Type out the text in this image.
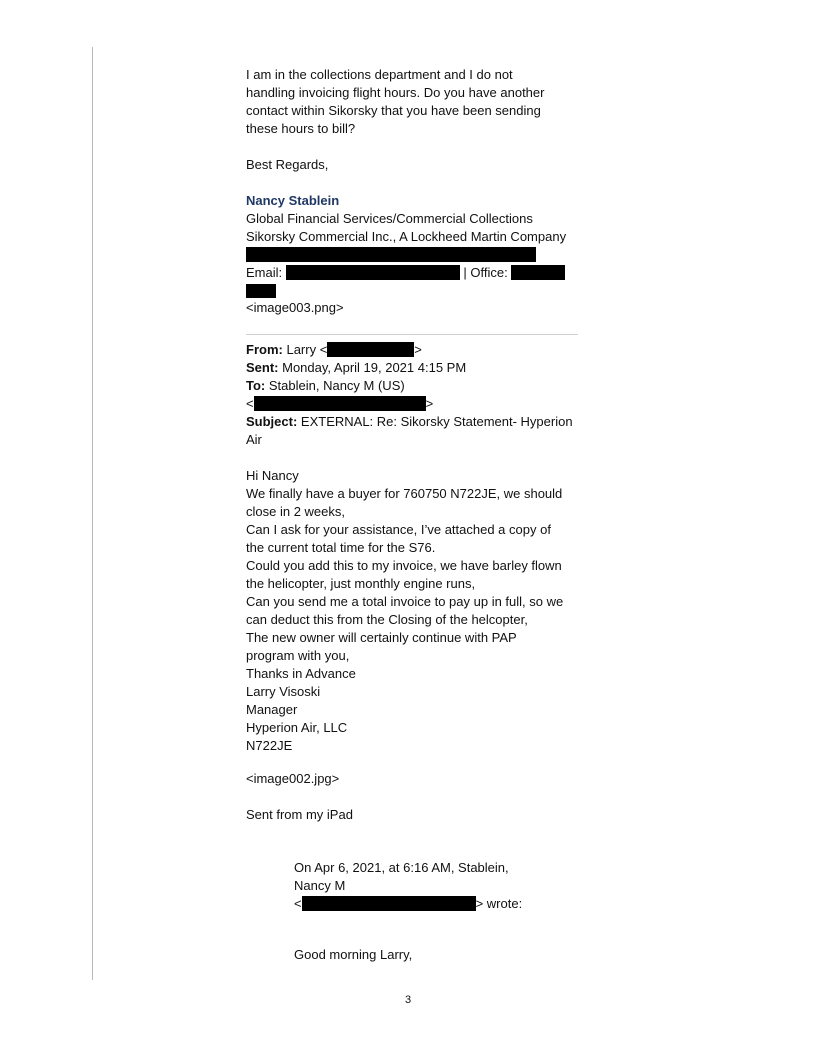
I am in the collections department and I do not
handling invoicing flight hours. Do you have another
contact within Sikorsky that you have been sending
these hours to bill?
Best Regards,
Nancy Stablein
Global Financial Services/Commercial Collections
Sikorsky Commercial Inc., A Lockheed Martin Company
Email:	| Office:
<image003.png>
From: Larry <	>
Sent: Monday, April 19, 2021 4:15 PM
To: Stablein, Nancy M (US)
<	>
Subject: EXTERNAL: Re: Sikorsky Statement- Hyperion
Air
Hi Nancy
We finally have a buyer for 760750 N722JE, we should
close in 2 weeks,
Can I ask for your assistance, I’ve attached a copy of
the current total time for the S76.
Could you add this to my invoice, we have barley flown
the helicopter, just monthly engine runs,
Can you send me a total invoice to pay up in full, so we
can deduct this from the Closing of the helcopter,
The new owner will certainly continue with PAP
program with you,
Thanks in Advance
Larry Visoski
Manager
Hyperion Air, LLC
N722JE
<image002.jpg>
Sent from my iPad
On Apr 6, 2021, at 6:16 AM, Stablein,
Nancy M
<	> wrote:
Good morning Larry,
3
